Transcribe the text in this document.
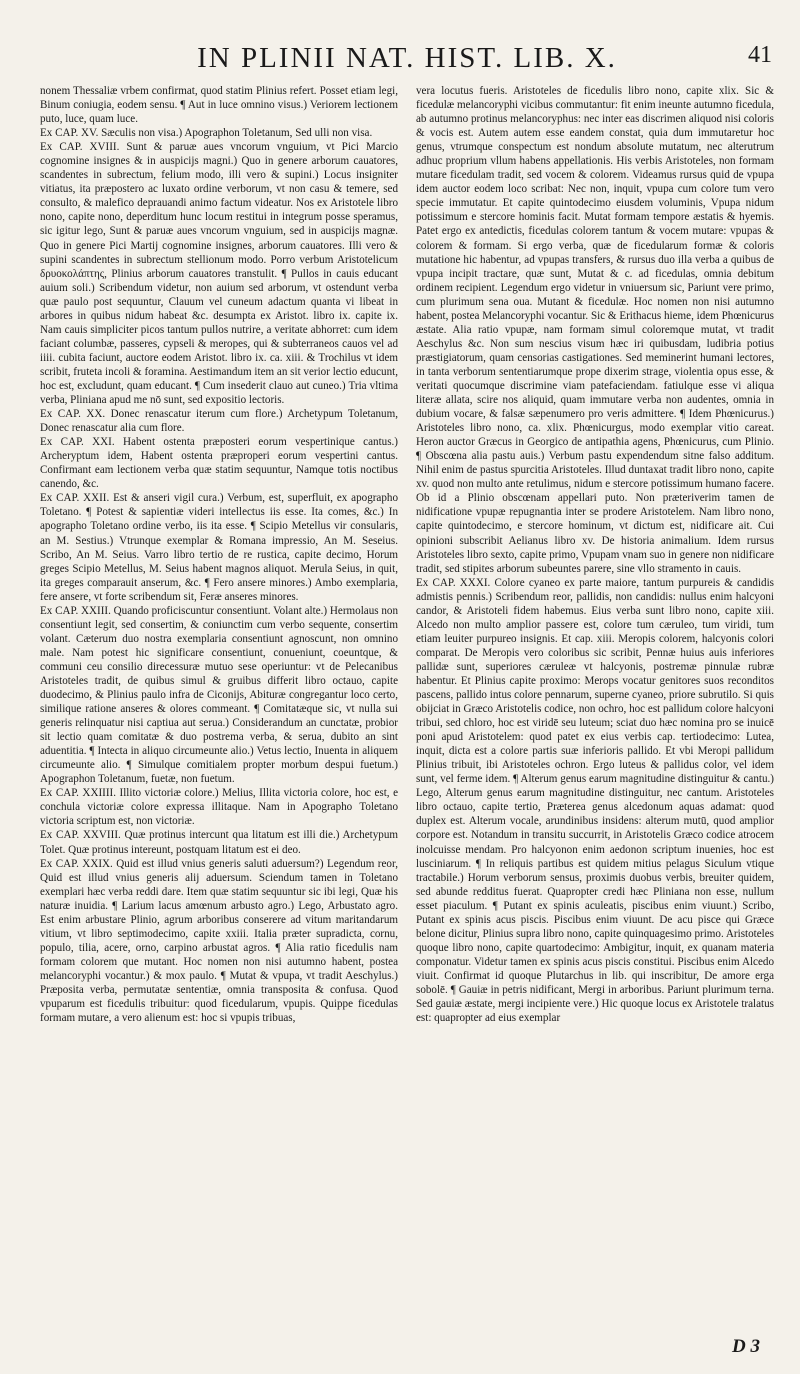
IN PLINII NAT. HIST. LIB. X.	41

nonem Thessaliæ vrbem confirmat, quod statim Plinius refert. Posset etiam legi, Binum coniugia, eodem sensu. ¶ Aut in luce omnino visus.) Veriorem lectionem puto, luce, quam luce.

Ex CAP. XV. Sæculis non visa.) Apographon Toletanum, Sed ulli non visa.

Ex CAP. XVIII. Sunt & paruæ aues vncorum vnguium, vt Pici Marcio cognomine insignes & in auspicijs magni.) Quo in genere arborum cauatores, scandentes in subrectum, felium modo, illi vero & supini.) Locus insigniter vitiatus, ita præpostero ac luxato ordine verborum, vt non casu & temere, sed consulto, & malefico deprauandi animo factum videatur. Nos ex Aristotele libro nono, capite nono, deperditum hunc locum restitui in integrum posse speramus, sic igitur lego, Sunt & paruæ aues vncorum vnguium, sed in auspicijs magnæ. Quo in genere Pici Martij cognomine insignes, arborum cauatores. Illi vero & supini scandentes in subrectum stellionum modo. Porro verbum Aristotelicum δρυοκολάπτης, Plinius arborum cauatores transtulit. ¶ Pullos in cauis educant auium soli.) Scribendum videtur, non auium sed arborum, vt ostendunt verba quæ paulo post sequuntur, Clauum vel cuneum adactum quanta vi libeat in arbores in quibus nidum habeat &c. desumpta ex Aristot. libro ix. capite ix. Nam cauis simpliciter picos tantum pullos nutrire, a veritate abhorret: cum idem faciant columbæ, passeres, cypseli & meropes, qui & subterraneos cauos vel ad iiii. cubita faciunt, auctore eodem Aristot. libro ix. ca. xiii. & Trochilus vt idem scribit, fruteta incoli & foramina. Aestimandum item an sit verior lectio educunt, hoc est, excludunt, quam educant. ¶ Cum insederit clauo aut cuneo.) Tria vltima verba, Pliniana apud me nō sunt, sed expositio lectoris.

Ex CAP. XX. Donec renascatur iterum cum flore.) Archetypum Toletanum, Donec renascatur alia cum flore.

Ex CAP. XXI. Habent ostenta præposteri eorum vespertinique cantus.) Archeryptum idem, Habent ostenta præproperi eorum vespertini cantus. Confirmant eam lectionem verba quæ statim sequuntur, Namque totis noctibus canendo, &c.

Ex CAP. XXII. Est & anseri vigil cura.) Verbum, est, superfluit, ex apographo Toletano. ¶ Potest & sapientiæ videri intellectus iis esse. Ita comes, &c.) In apographo Toletano ordine verbo, iis ita esse. ¶ Scipio Metellus vir consularis, an M. Sestius.) Vtrunque exemplar & Romana impressio, An M. Seseius. Scribo, An M. Seius. Varro libro tertio de re rustica, capite decimo, Horum greges Scipio Metellus, M. Seius habent magnos aliquot. Merula Seius, in quit, ita greges comparauit anserum, &c. ¶ Fero ansere minores.) Ambo exemplaria, fere ansere, vt forte scribendum sit, Feræ anseres minores.

Ex CAP. XXIII. Quando proficiscuntur consentiunt. Volant alte.) Hermolaus non consentiunt legit, sed consertim, & coniunctim cum verbo sequente, consertim volant. Cæterum duo nostra exemplaria consentiunt agnoscunt, non omnino male. Nam potest hic significare consentiunt, conueniunt, coeuntque, & communi ceu consilio direcessuræ mutuo sese operiuntur: vt de Pelecanibus Aristoteles tradit, de quibus simul & gruibus differit libro octauo, capite duodecimo, & Plinius paulo infra de Ciconijs, Abituræ congregantur loco certo, similique ratione anseres & olores commeant. ¶ Comitatæque sic, vt nulla sui generis relinquatur nisi captiua aut serua.) Considerandum an cunctatæ, probior sit lectio quam comitatæ & duo postrema verba, & serua, dubito an sint aduentitia. ¶ Intecta in aliquo circumeunte alio.) Vetus lectio, Inuenta in aliquem circumeunte alio. ¶ Simulque comitialem propter morbum despui fuetum.) Apographon Toletanum, fuetæ, non fuetum.

Ex CAP. XXIIII. Illito victoriæ colore.) Melius, Illita victoria colore, hoc est, e conchula victoriæ colore expressa illitaque. Nam in Apographo Toletano victoria scriptum est, non victoriæ.

Ex CAP. XXVIII. Quæ protinus intercunt qua litatum est illi die.) Archetypum Tolet. Quæ protinus intereunt, postquam litatum est ei deo.

Ex CAP. XXIX. Quid est illud vnius generis saluti aduersum?) Legendum reor, Quid est illud vnius generis alij aduersum. Sciendum tamen in Toletano exemplari hæc verba reddi dare. Item quæ statim sequuntur sic ibi legi, Quæ his naturæ inuidia. ¶ Larium lacus amœnum arbusto agro.) Lego, Arbustato agro. Est enim arbustare Plinio, agrum arboribus conserere ad vitum maritandarum vitium, vt libro septimodecimo, capite xxiii. Italia præter supradicta, cornu, populo, tilia, acere, orno, carpino arbustat agros. ¶ Alia ratio ficedulis nam formam colorem que mutant. Hoc nomen non nisi autumno habent, postea melancoryphi vocantur.) & mox paulo. ¶ Mutat & vpupa, vt tradit Aeschylus.) Præposita verba, permutatæ sententiæ, omnia transposita & confusa. Quod vpuparum est ficedulis tribuitur: quod ficedularum, vpupis. Quippe ficedulas formam mutare, a vero alienum est: hoc si vpupis tribuas,

vera locutus fueris. Aristoteles de ficedulis libro nono, capite xlix. Sic & ficedulæ melancoryphi vicibus commutantur: fit enim ineunte autumno ficedula, ab autumno protinus melancoryphus: nec inter eas discrimen aliquod nisi coloris & vocis est. Autem autem esse eandem constat, quia dum immutaretur hoc genus, vtrumque conspectum est nondum absolute mutatum, nec alterutrum adhuc proprium vllum habens appellationis. His verbis Aristoteles, non formam mutare ficedulam tradit, sed vocem & colorem. Videamus rursus quid de vpupa idem auctor eodem loco scribat: Nec non, inquit, vpupa cum colore tum vero specie immutatur. Et capite quintodecimo eiusdem voluminis, Vpupa nidum potissimum e stercore hominis facit. Mutat formam tempore æstatis & hyemis. Patet ergo ex antedictis, ficedulas colorem tantum & vocem mutare: vpupas & colorem & formam. Si ergo verba, quæ de ficedularum formæ & coloris mutatione hic habentur, ad vpupas transfers, & rursus duo illa verba a quibus de vpupa incipit tractare, quæ sunt, Mutat & c. ad ficedulas, omnia debitum ordinem recipient. Legendum ergo videtur in vniuersum sic, Pariunt vere primo, cum plurimum sena oua. Mutant & ficedulæ. Hoc nomen non nisi autumno habent, postea Melancoryphi vocantur. Sic & Erithacus hieme, idem Phœnicurus æstate. Alia ratio vpupæ, nam formam simul coloremque mutat, vt tradit Aeschylus &c. Non sum nescius visum hæc iri quibusdam, ludibria potius præstigiatorum, quam censorias castigationes. Sed meminerint humani lectores, in tanta verborum sententiarumque prope dixerim strage, violentia opus esse, & veritati quocumque discrimine viam patefaciendam. fatiulque esse vi aliqua literæ allata, scire nos aliquid, quam immutare verba non audentes, omnia in dubium vocare, & falsæ sæpenumero pro veris admittere. ¶ Idem Phœnicurus.) Aristoteles libro nono, ca. xlix. Phœnicurgus, modo exemplar vitio careat. Heron auctor Græcus in Georgico de antipathia agens, Phœnicurus, cum Plinio. ¶ Obscœna alia pastu auis.) Verbum pastu expendendum sitne falso additum. Nihil enim de pastus spurcitia Aristoteles. Illud duntaxat tradit libro nono, capite xv. quod non multo ante retulimus, nidum e stercore potissimum humano facere. Ob id a Plinio obscœnam appellari puto. Non præteriverim tamen de nidificatione vpupæ repugnantia inter se prodere Aristotelem. Nam libro nono, capite quintodecimo, e stercore hominum, vt dictum est, nidificare ait. Cui opinioni subscribit Aelianus libro xv. De historia animalium. Idem rursus Aristoteles libro sexto, capite primo, Vpupam vnam suo in genere non nidificare tradit, sed stipites arborum subeuntes parere, sine vllo stramento in cauis.

Ex CAP. XXXI. Colore cyaneo ex parte maiore, tantum purpureis & candidis admistis pennis.) Scribendum reor, pallidis, non candidis: nullus enim halcyoni candor, & Aristoteli fidem habemus. Eius verba sunt libro nono, capite xiii. Alcedo non multo amplior passere est, colore tum cæruleo, tum viridi, tum etiam leuiter purpureo insignis. Et cap. xiii. Meropis colorem, halcyonis colori comparat. De Meropis vero coloribus sic scribit, Pennæ huius auis inferiores pallidæ sunt, superiores cæruleæ vt halcyonis, postremæ pinnulæ rubræ habentur. Et Plinius capite proximo: Merops vocatur genitores suos reconditos pascens, pallido intus colore pennarum, superne cyaneo, priore subrutilo. Si quis obijciat in Græco Aristotelis codice, non ochro, hoc est pallidum colore halcyoni tribui, sed chloro, hoc est viridē seu luteum; sciat duo hæc nomina pro se inuicē poni apud Aristotelem: quod patet ex eius verbis cap. tertiodecimo: Lutea, inquit, dicta est a colore partis suæ inferioris pallido. Et vbi Meropi pallidum Plinius tribuit, ibi Aristoteles ochron. Ergo luteus & pallidus color, vel idem sunt, vel ferme idem. ¶ Alterum genus earum magnitudine distinguitur & cantu.) Lego, Alterum genus earum magnitudine distinguitur, nec cantum. Aristoteles libro octauo, capite tertio, Præterea genus alcedonum aquas adamat: quod duplex est. Alterum vocale, arundinibus insidens: alterum mutū, quod amplior corpore est. Notandum in transitu succurrit, in Aristotelis Græco codice atrocem inolcuisse mendam. Pro halcyonon enim aedonon scriptum inuenies, hoc est lusciniarum. ¶ In reliquis partibus est quidem mitius pelagus Siculum vtique tractabile.) Horum verborum sensus, proximis duobus verbis, breuiter quidem, sed abunde redditus fuerat. Quapropter credi hæc Pliniana non esse, nullum esset piaculum. ¶ Putant ex spinis aculeatis, piscibus enim viuunt.) Scribo, Putant ex spinis acus piscis. Piscibus enim viuunt. De acu pisce qui Græce belone dicitur, Plinius supra libro nono, capite quinquagesimo primo. Aristoteles quoque libro nono, capite quartodecimo: Ambigitur, inquit, ex quanam materia componatur. Videtur tamen ex spinis acus piscis constitui. Piscibus enim Alcedo viuit. Confirmat id quoque Plutarchus in lib. qui inscribitur, De amore erga sobolē. ¶ Gauiæ in petris nidificant, Mergi in arboribus. Pariunt plurimum terna. Sed gauiæ æstate, mergi incipiente vere.) Hic quoque locus ex Aristotele tralatus est: quapropter ad eius exemplar

D 3
